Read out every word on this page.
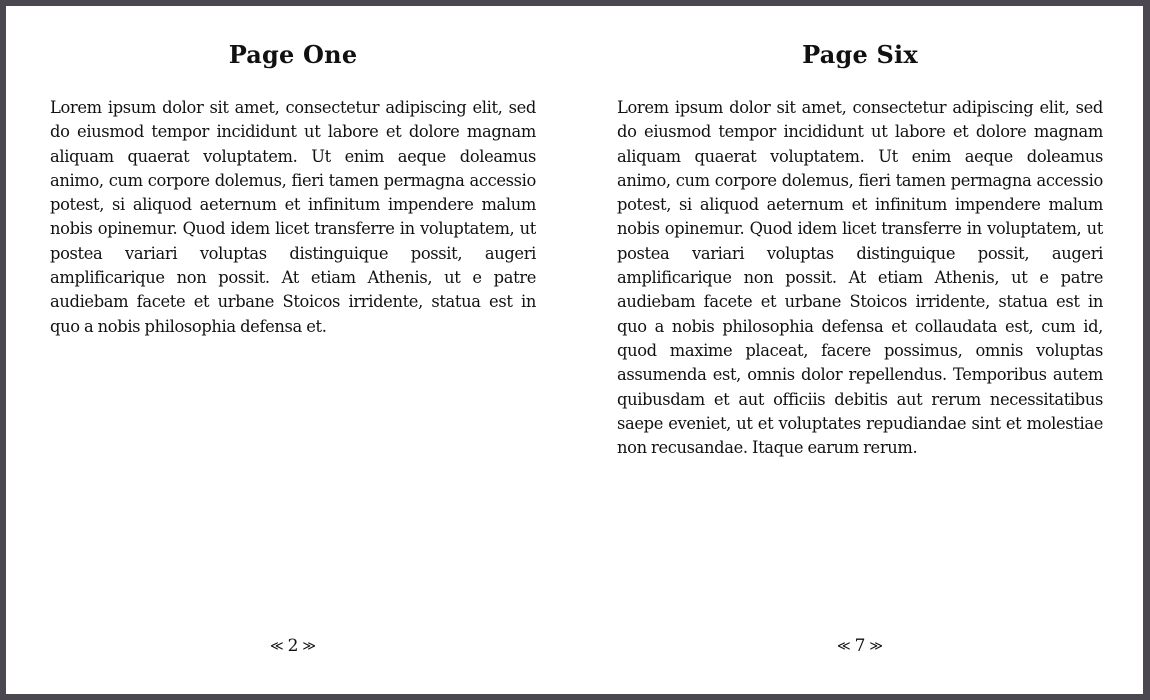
Page One

Lorem ipsum dolor sit amet, consectetur adipiscing elit, sed do eiusmod tempor incididunt ut labore et dolore magnam aliquam quaerat voluptatem. Ut enim aeque doleamus animo, cum corpore dolemus, fieri tamen permagna accessio potest, si aliquod aeternum et infinitum impendere malum nobis opinemur. Quod idem licet transferre in voluptatem, ut postea variari voluptas distinguique possit, augeri amplificarique non possit. At etiam Athenis, ut e patre audiebam facete et urbane Stoicos irridente, statua est in quo a nobis philosophia defensa et.

≪ 2 ≫
Page Six

Lorem ipsum dolor sit amet, consectetur adipiscing elit, sed do eiusmod tempor incididunt ut labore et dolore magnam aliquam quaerat voluptatem. Ut enim aeque doleamus animo, cum corpore dolemus, fieri tamen permagna accessio potest, si aliquod aeternum et infinitum impendere malum nobis opinemur. Quod idem licet transferre in voluptatem, ut postea variari voluptas distinguique possit, augeri amplificarique non possit. At etiam Athenis, ut e patre audiebam facete et urbane Stoicos irridente, statua est in quo a nobis philosophia defensa et collaudata est, cum id, quod maxime placeat, facere possimus, omnis voluptas assumenda est, omnis dolor repellendus. Temporibus autem quibusdam et aut officiis debitis aut rerum necessitatibus saepe eveniet, ut et voluptates repudiandae sint et molestiae non recusandae. Itaque earum rerum.

≪ 7 ≫
